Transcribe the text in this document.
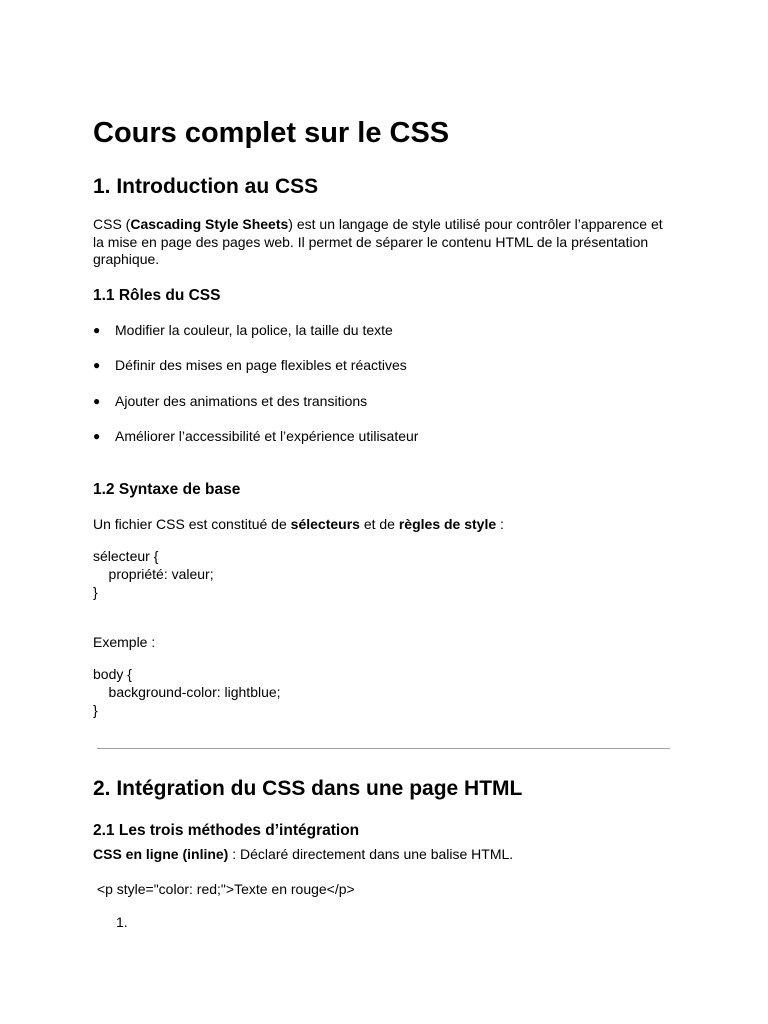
Cours complet sur le CSS
1. Introduction au CSS

CSS (Cascading Style Sheets) est un langage de style utilisé pour contrôler l’apparence et la mise en page des pages web. Il permet de séparer le contenu HTML de la présentation graphique.

1.1 Rôles du CSS
● Modifier la couleur, la police, la taille du texte
● Définir des mises en page flexibles et réactives
● Ajouter des animations et des transitions
● Améliorer l’accessibilité et l’expérience utilisateur
1.2 Syntaxe de base

Un fichier CSS est constitué de sélecteurs et de règles de style :

sélecteur {
propriété: valeur;
}

Exemple :

body {
background-color: lightblue;
}
2. Intégration du CSS dans une page HTML
2.1 Les trois méthodes d’intégration

CSS en ligne (inline) : Déclaré directement dans une balise HTML.

<p style="color: red;">Texte en rouge</p>
1.
